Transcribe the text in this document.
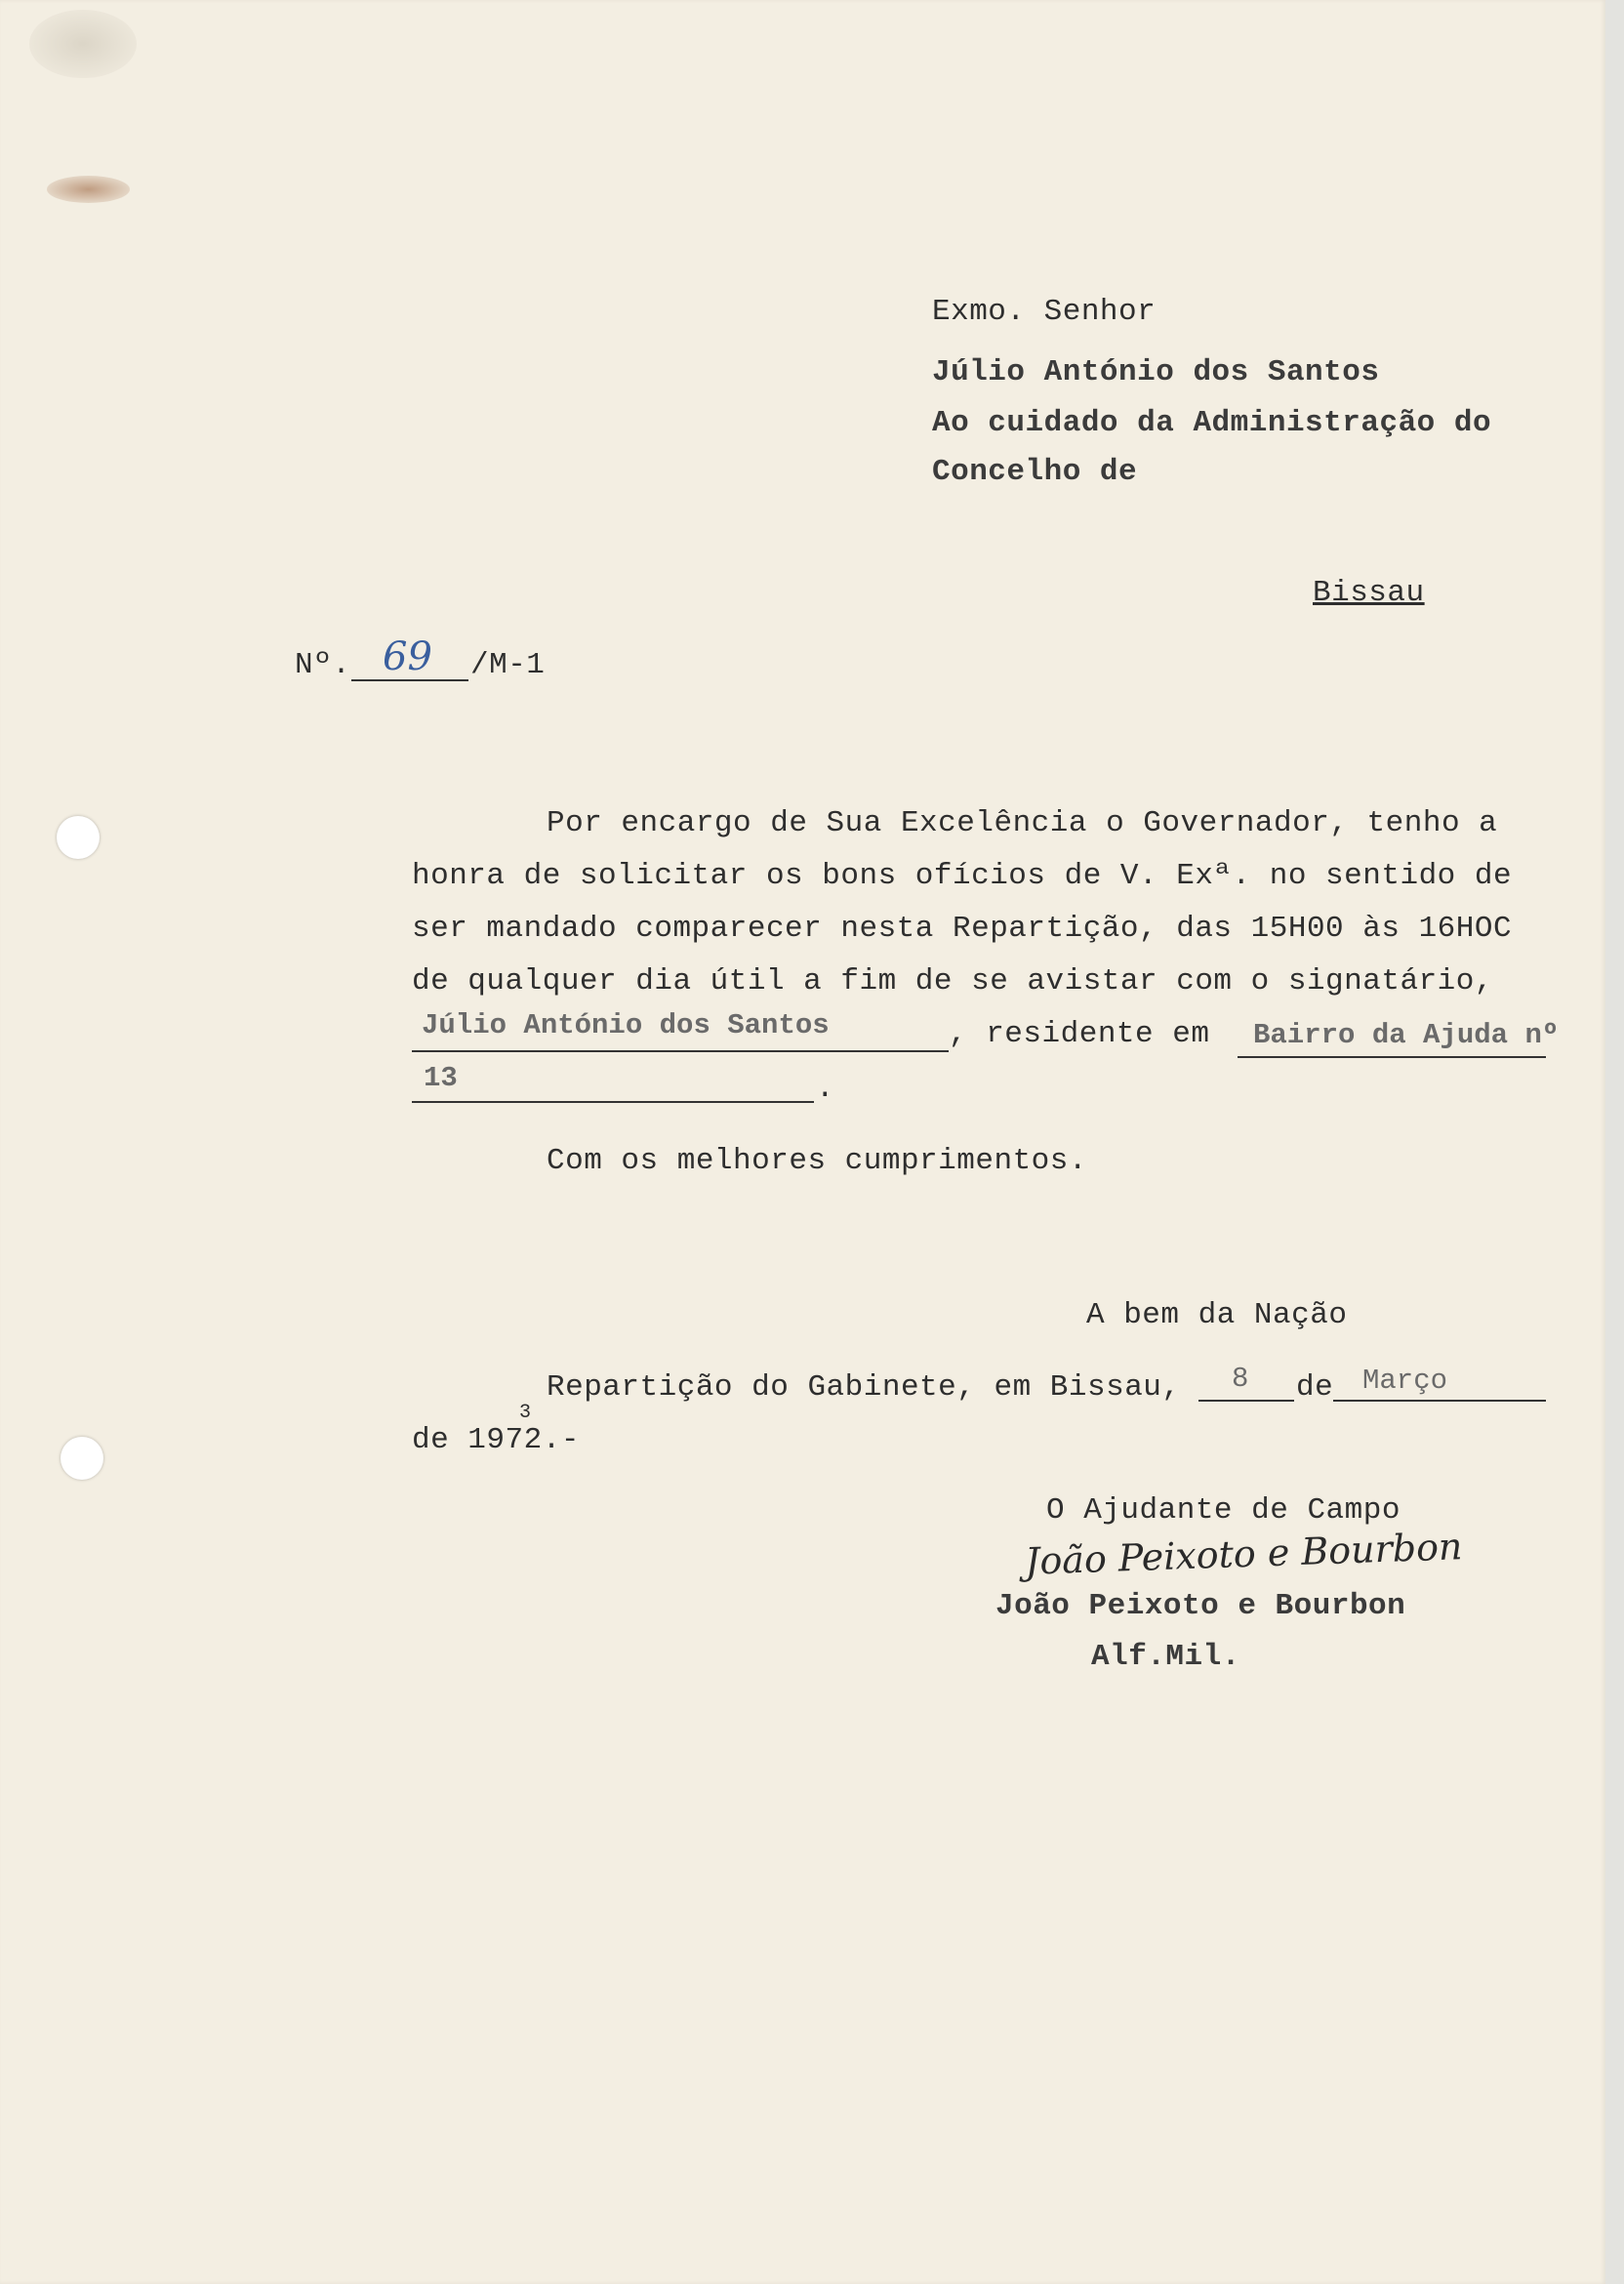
Exmo. Senhor
Júlio António dos Santos
Ao cuidado da Administração do
Concelho de
Bissau
Nº. 69 /M-1
Por encargo de Sua Excelência o Governador, tenho a
honra de solicitar os bons ofícios de V. Exª. no sentido de
ser mandado comparecer nesta Repartição, das 15H00 às 16HOC
de qualquer dia útil a fim de se avistar com o signatário,
Júlio António dos Santos	, residente em Bairro da Ajuda nº
13	.
Com os melhores cumprimentos.
A bem da Nação
Repartição do Gabinete, em Bissau, 8 de Março
de 1972.-
3
O Ajudante de Campo
João Peixoto e Bourbon
João Peixoto e Bourbon
Alf.Mil.
